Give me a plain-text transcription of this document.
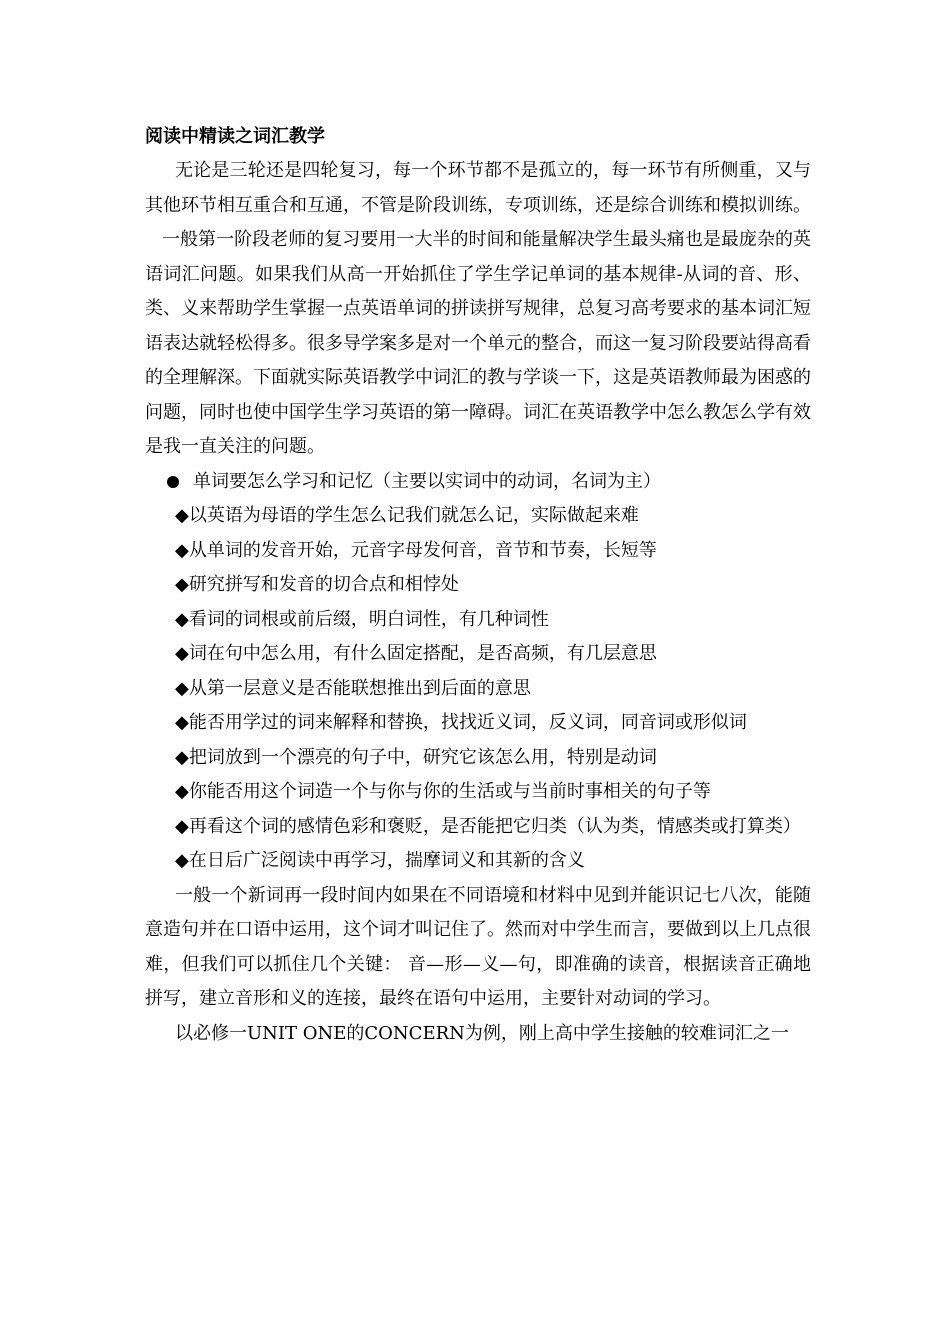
阅读中精读之词汇教学

无论是三轮还是四轮复习，每一个环节都不是孤立的，每一环节有所侧重，又与其他环节相互重合和互通，不管是阶段训练，专项训练，还是综合训练和模拟训练。

一般第一阶段老师的复习要用一大半的时间和能量解决学生最头痛也是最庞杂的英语词汇问题。如果我们从高一开始抓住了学生学记单词的基本规律-从词的音、形、类、义来帮助学生掌握一点英语单词的拼读拼写规律，总复习高考要求的基本词汇短语表达就轻松得多。很多导学案多是对一个单元的整合，而这一复习阶段要站得高看的全理解深。下面就实际英语教学中词汇的教与学谈一下，这是英语教师最为困惑的问题，同时也使中国学生学习英语的第一障碍。词汇在英语教学中怎么教怎么学有效是我一直关注的问题。

单词要怎么学习和记忆（主要以实词中的动词，名词为主）
◆以英语为母语的学生怎么记我们就怎么记，实际做起来难
◆从单词的发音开始，元音字母发何音，音节和节奏，长短等
◆研究拼写和发音的切合点和相悖处
◆看词的词根或前后缀，明白词性，有几种词性
◆词在句中怎么用，有什么固定搭配，是否高频，有几层意思
◆从第一层意义是否能联想推出到后面的意思
◆能否用学过的词来解释和替换，找找近义词，反义词，同音词或形似词
◆把词放到一个漂亮的句子中，研究它该怎么用，特别是动词
◆你能否用这个词造一个与你与你的生活或与当前时事相关的句子等
◆再看这个词的感情色彩和褒贬，是否能把它归类（认为类，情感类或打算类）
◆在日后广泛阅读中再学习，揣摩词义和其新的含义

一般一个新词再一段时间内如果在不同语境和材料中见到并能识记七八次，能随意造句并在口语中运用，这个词才叫记住了。然而对中学生而言，要做到以上几点很难，但我们可以抓住几个关键： 音—形—义—句，即准确的读音，根据读音正确地拼写，建立音形和义的连接，最终在语句中运用，主要针对动词的学习。

以必修一UNIT ONE的CONCERN为例，刚上高中学生接触的较难词汇之一
